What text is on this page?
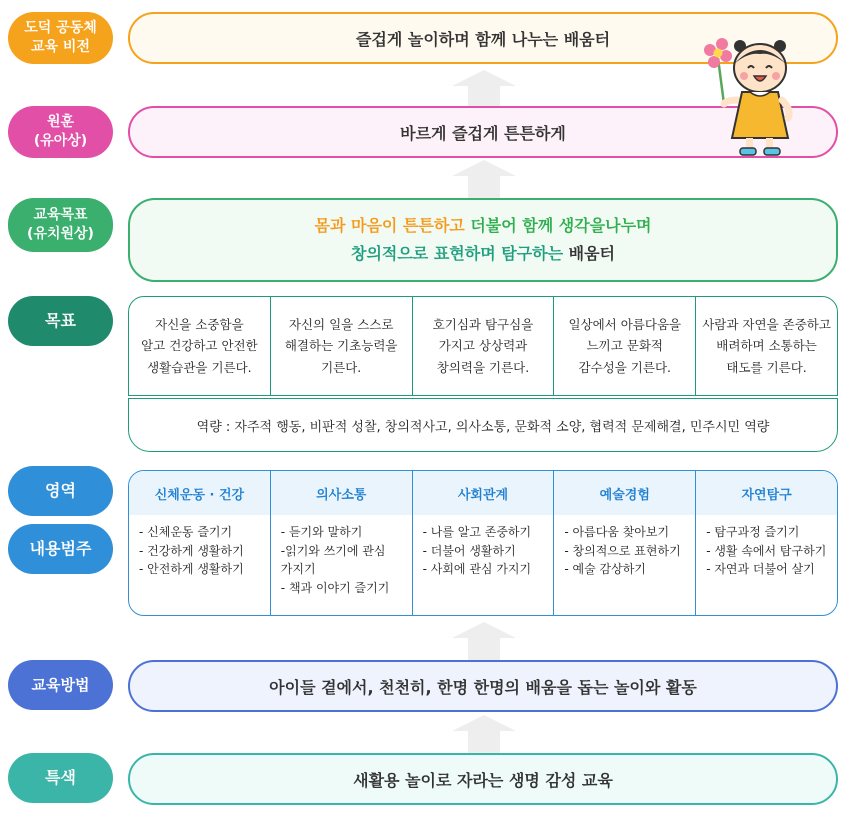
도덕 공동체
교육 비전
원훈
(유아상)
교육목표
(유치원상)
목표
영역
내용범주
교육방법
특색
즐겁게 놀이하며 함께 나누는 배움터
바르게 즐겁게 튼튼하게
몸과 마음이 튼튼하고 더불어 함께 생각을나누며
창의적으로 표현하며 탐구하는 배움터
자신을 소중함을
알고 건강하고 안전한
생활습관을 기른다.
자신의 일을 스스로
해결하는 기초능력을
기른다.
호기심과 탐구심을
가지고 상상력과
창의력을 기른다.
일상에서 아름다움을
느끼고 문화적
감수성을 기른다.
사람과 자연을 존중하고
배려하며 소통하는
태도를 기른다.
역량 : 자주적 행동, 비판적 성찰, 창의적사고, 의사소통, 문화적 소양, 협력적 문제해결, 민주시민 역량
신체운동 · 건강
- 신체운동 즐기기
- 건강하게 생활하기
- 안전하게 생활하기
의사소통
- 듣기와 말하기
-읽기와 쓰기에 관심
가지기
- 책과 이야기 즐기기
사회관계
- 나를 알고 존중하기
- 더불어 생활하기
- 사회에 관심 가지기
예술경험
- 아름다움 찾아보기
- 창의적으로 표현하기
- 예술 감상하기
자연탐구
- 탐구과정 즐기기
- 생활 속에서 탐구하기
- 자연과 더불어 살기
아이들 곁에서, 천천히, 한명 한명의 배움을 돕는 놀이와 활동
새활용 놀이로 자라는 생명 감성 교육
